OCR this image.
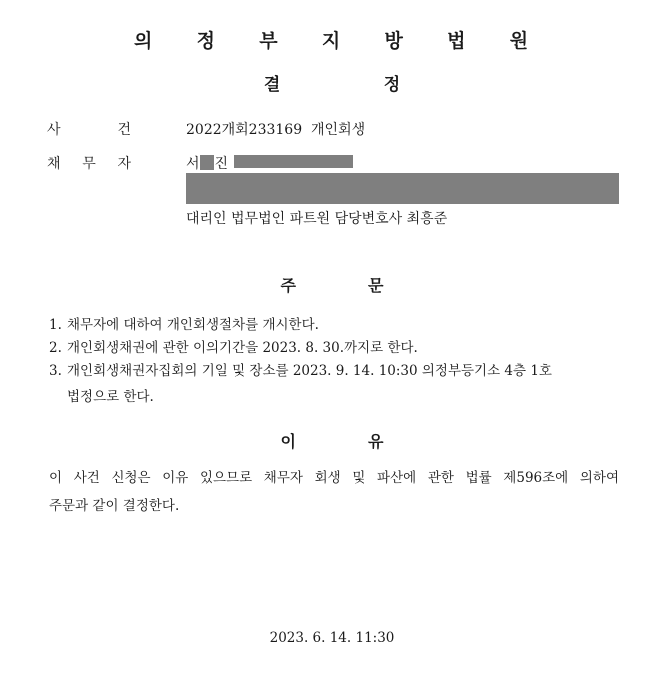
의 정 부 지 방 법 원
결	정
사	건	2022개회233169 개인회생
채 무 자	서 진
대리인 법무법인 파트원 담당변호사 최흥준
주	문
1. 채무자에 대하여 개인회생절차를 개시한다.
2. 개인회생채권에 관한 이의기간을 2023. 8. 30.까지로 한다.
3. 개인회생채권자집회의 기일 및 장소를 2023. 9. 14. 10:30 의정부등기소 4층 1호
법정으로 한다.
이	유
이 사건 신청은 이유 있으므로 채무자 회생 및 파산에 관한 법률 제596조에 의하여
주문과 같이 결정한다.
2023. 6. 14. 11:30
